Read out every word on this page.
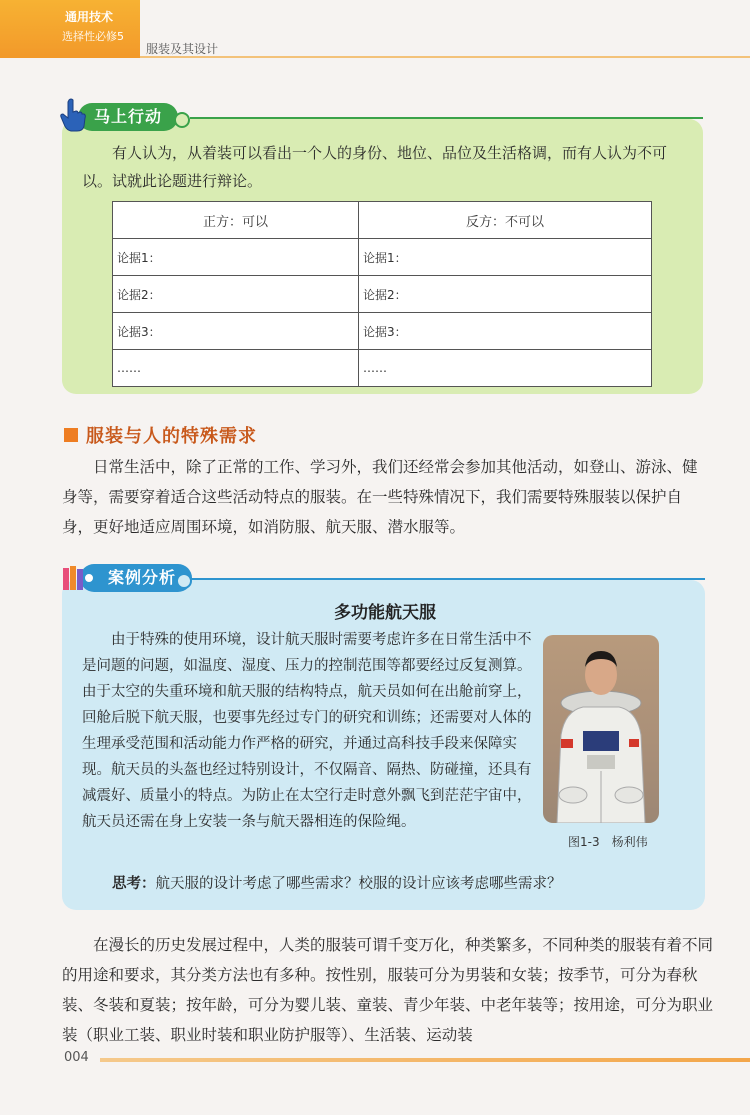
通用技术
选择性必修5
服装及其设计
马上行动
有人认为，从着装可以看出一个人的身份、地位、品位及生活格调，而有人认为不可以。试就此论题进行辩论。
正方：可以	反方：不可以
论据1：	论据1：
论据2：	论据2：
论据3：	论据3：
……	……
服装与人的特殊需求
日常生活中，除了正常的工作、学习外，我们还经常会参加其他活动，如登山、游泳、健身等，需要穿着适合这些活动特点的服装。在一些特殊情况下，我们需要特殊服装以保护自身，更好地适应周围环境，如消防服、航天服、潜水服等。
案例分析
多功能航天服
由于特殊的使用环境，设计航天服时需要考虑许多在日常生活中不是问题的问题，如温度、湿度、压力的控制范围等都要经过反复测算。由于太空的失重环境和航天服的结构特点，航天员如何在出舱前穿上，回舱后脱下航天服，也要事先经过专门的研究和训练；还需要对人体的生理承受范围和活动能力作严格的研究，并通过高科技手段来保障实现。航天员的头盔也经过特别设计，不仅隔音、隔热、防碰撞，还具有减震好、质量小的特点。为防止在太空行走时意外飘飞到茫茫宇宙中，航天员还需在身上安装一条与航天器相连的保险绳。
图1-3　杨利伟
思考：航天服的设计考虑了哪些需求？校服的设计应该考虑哪些需求？
在漫长的历史发展过程中，人类的服装可谓千变万化，种类繁多，不同种类的服装有着不同的用途和要求，其分类方法也有多种。按性别，服装可分为男装和女装；按季节，可分为春秋装、冬装和夏装；按年龄，可分为婴儿装、童装、青少年装、中老年装等；按用途，可分为职业装（职业工装、职业时装和职业防护服等）、生活装、运动装
004
